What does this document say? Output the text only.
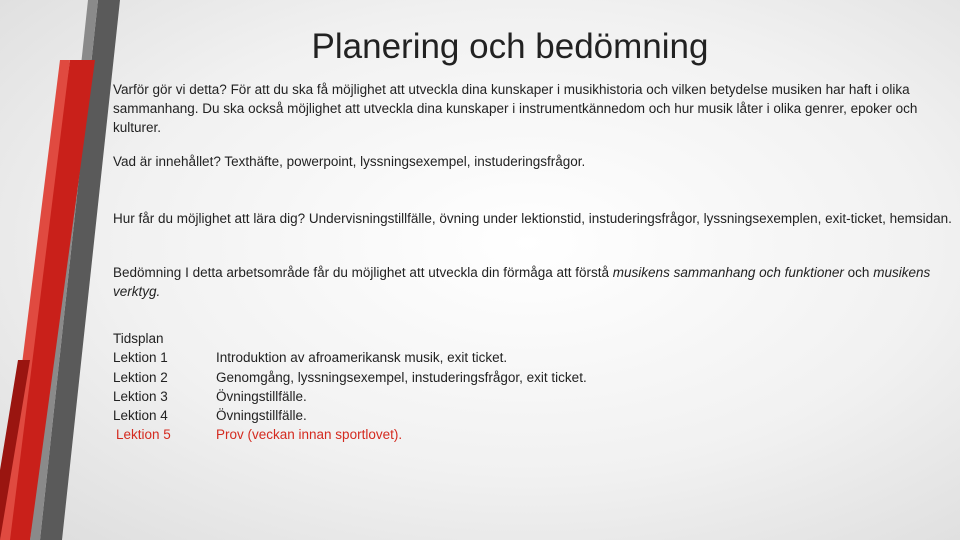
Planering och bedömning

Varför gör vi detta? För att du ska få möjlighet att utveckla dina kunskaper i musikhistoria och vilken betydelse musiken har haft i olika sammanhang. Du ska också möjlighet att utveckla dina kunskaper i instrumentkännedom och hur musik låter i olika genrer, epoker och kulturer.

Vad är innehållet? Texthäfte, powerpoint, lyssningsexempel, instuderingsfrågor.

Hur får du möjlighet att lära dig? Undervisningstillfälle, övning under lektionstid, instuderingsfrågor, lyssningsexemplen, exit-ticket, hemsidan.

Bedömning I detta arbetsområde får du möjlighet att utveckla din förmåga att förstå musikens sammanhang och funktioner och musikens verktyg.

Tidsplan
Lektion 1	Introduktion av afroamerikansk musik, exit ticket.
Lektion 2	Genomgång, lyssningsexempel, instuderingsfrågor, exit ticket.
Lektion 3	Övningstillfälle.
Lektion 4	Övningstillfälle.
Lektion 5	Prov (veckan innan sportlovet).
